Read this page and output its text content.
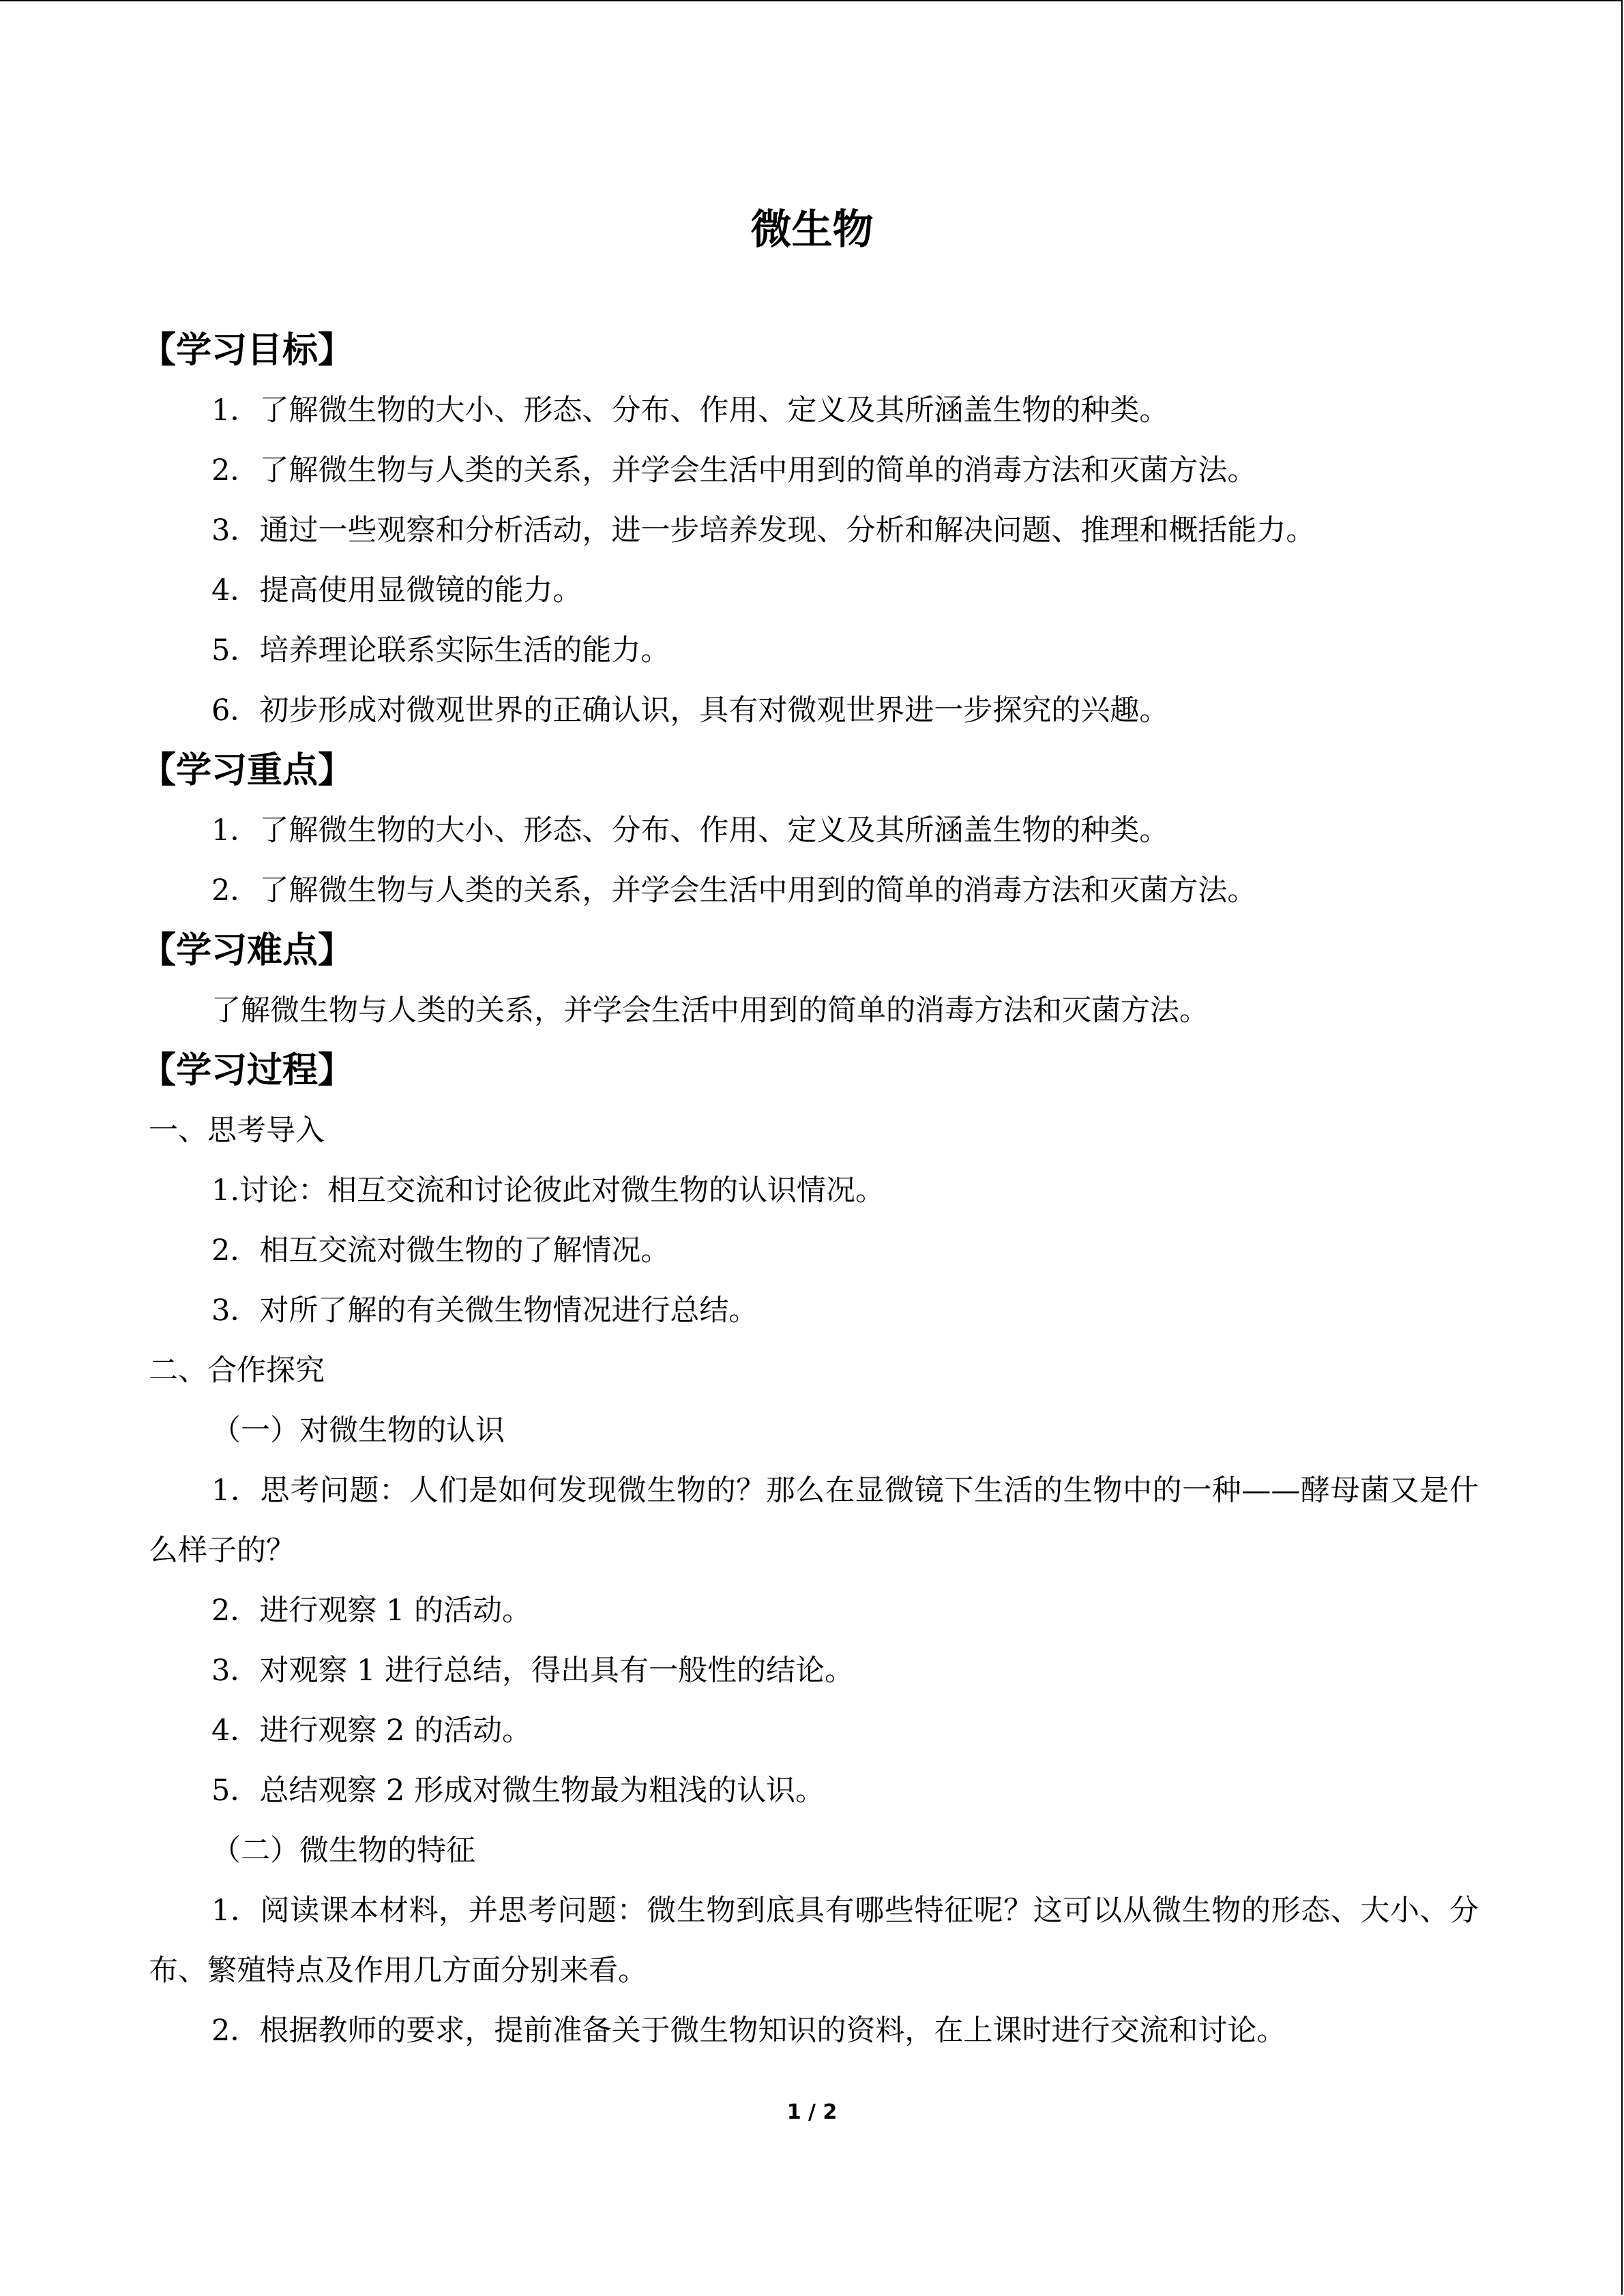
微生物
【学习目标】
1．了解微生物的大小、形态、分布、作用、定义及其所涵盖生物的种类。
2．了解微生物与人类的关系，并学会生活中用到的简单的消毒方法和灭菌方法。
3．通过一些观察和分析活动，进一步培养发现、分析和解决问题、推理和概括能力。
4．提高使用显微镜的能力。
5．培养理论联系实际生活的能力。
6．初步形成对微观世界的正确认识，具有对微观世界进一步探究的兴趣。
【学习重点】
1．了解微生物的大小、形态、分布、作用、定义及其所涵盖生物的种类。
2．了解微生物与人类的关系，并学会生活中用到的简单的消毒方法和灭菌方法。
【学习难点】
了解微生物与人类的关系，并学会生活中用到的简单的消毒方法和灭菌方法。
【学习过程】
一、思考导入
1.讨论：相互交流和讨论彼此对微生物的认识情况。
2．相互交流对微生物的了解情况。
3．对所了解的有关微生物情况进行总结。
二、合作探究
（一）对微生物的认识
1．思考问题：人们是如何发现微生物的？那么在显微镜下生活的生物中的一种——酵母菌又是什么样子的？
2．进行观察 1 的活动。
3．对观察 1 进行总结，得出具有一般性的结论。
4．进行观察 2 的活动。
5．总结观察 2 形成对微生物最为粗浅的认识。
（二）微生物的特征
1．阅读课本材料，并思考问题：微生物到底具有哪些特征呢？这可以从微生物的形态、大小、分布、繁殖特点及作用几方面分别来看。
2．根据教师的要求，提前准备关于微生物知识的资料，在上课时进行交流和讨论。
1 / 2
